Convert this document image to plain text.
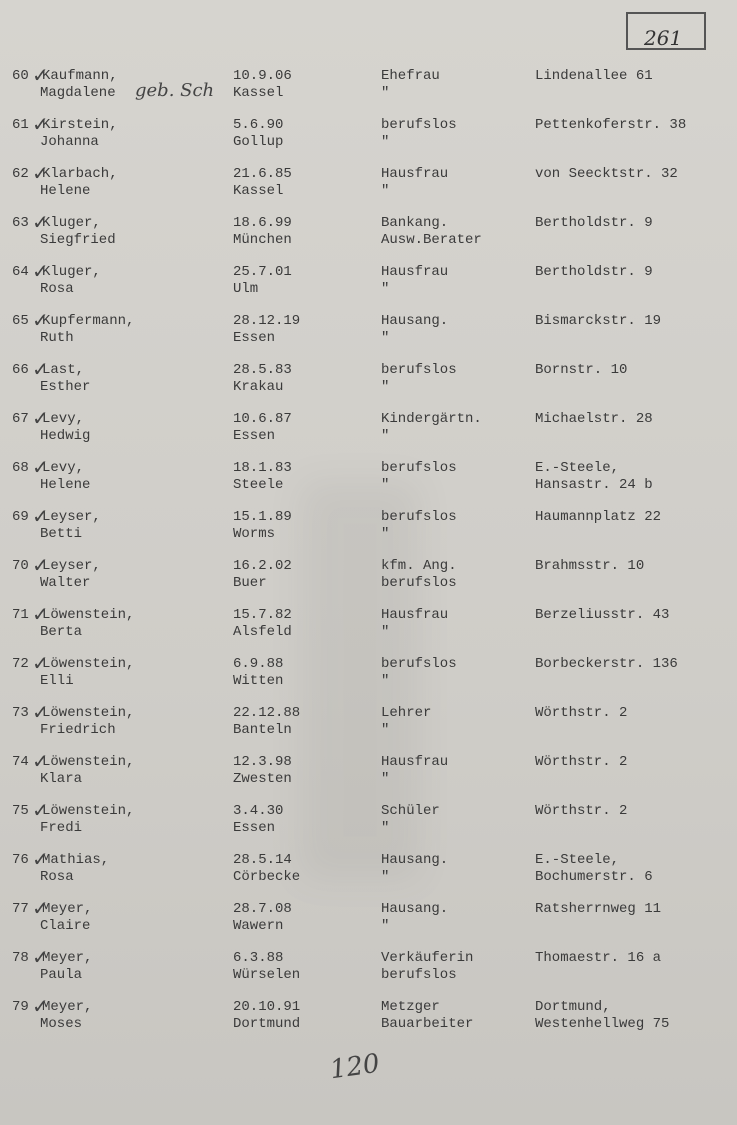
261
geb. Sch
60 Kaufmann,
Magdalene
10.9.06
Kassel
Ehefrau
"
Lindenallee 61
✓
61 Kirstein,
Johanna
5.6.90
Gollup
berufslos
"
Pettenkoferstr. 38
✓
62 Klarbach,
Helene
21.6.85
Kassel
Hausfrau
"
von Seecktstr. 32
✓
63 Kluger,
Siegfried
18.6.99
München
Bankang.
Ausw.Berater
Bertholdstr. 9
✓
64 Kluger,
Rosa
25.7.01
Ulm
Hausfrau
"
Bertholdstr. 9
✓
65 Kupfermann,
Ruth
28.12.19
Essen
Hausang.
"
Bismarckstr. 19
✓
66 Last,
Esther
28.5.83
Krakau
berufslos
"
Bornstr. 10
✓
67 Levy,
Hedwig
10.6.87
Essen
Kindergärtn.
"
Michaelstr. 28
✓
68 Levy,
Helene
18.1.83
Steele
berufslos
"
E.-Steele,
Hansastr. 24 b
✓
69 Leyser,
Betti
15.1.89
Worms
berufslos
"
Haumannplatz 22
✓
70 Leyser,
Walter
16.2.02
Buer
kfm. Ang.
berufslos
Brahmsstr. 10
✓
71 Löwenstein,
Berta
15.7.82
Alsfeld
Hausfrau
"
Berzeliusstr. 43
✓
72 Löwenstein,
Elli
6.9.88
Witten
berufslos
"
Borbeckerstr. 136
✓
73 Löwenstein,
Friedrich
22.12.88
Banteln
Lehrer
"
Wörthstr. 2
✓
74 Löwenstein,
Klara
12.3.98
Zwesten
Hausfrau
"
Wörthstr. 2
✓
75 Löwenstein,
Fredi
3.4.30
Essen
Schüler
"
Wörthstr. 2
✓
76 Mathias,
Rosa
28.5.14
Cörbecke
Hausang.
"
E.-Steele,
Bochumerstr. 6
✓
77 Meyer,
Claire
28.7.08
Wawern
Hausang.
"
Ratsherrnweg 11
✓
78 Meyer,
Paula
6.3.88
Würselen
Verkäuferin
berufslos
Thomaestr. 16 a
✓
79 Meyer,
Moses
20.10.91
Dortmund
Metzger
Bauarbeiter
Dortmund,
Westenhellweg 75
✓
120
